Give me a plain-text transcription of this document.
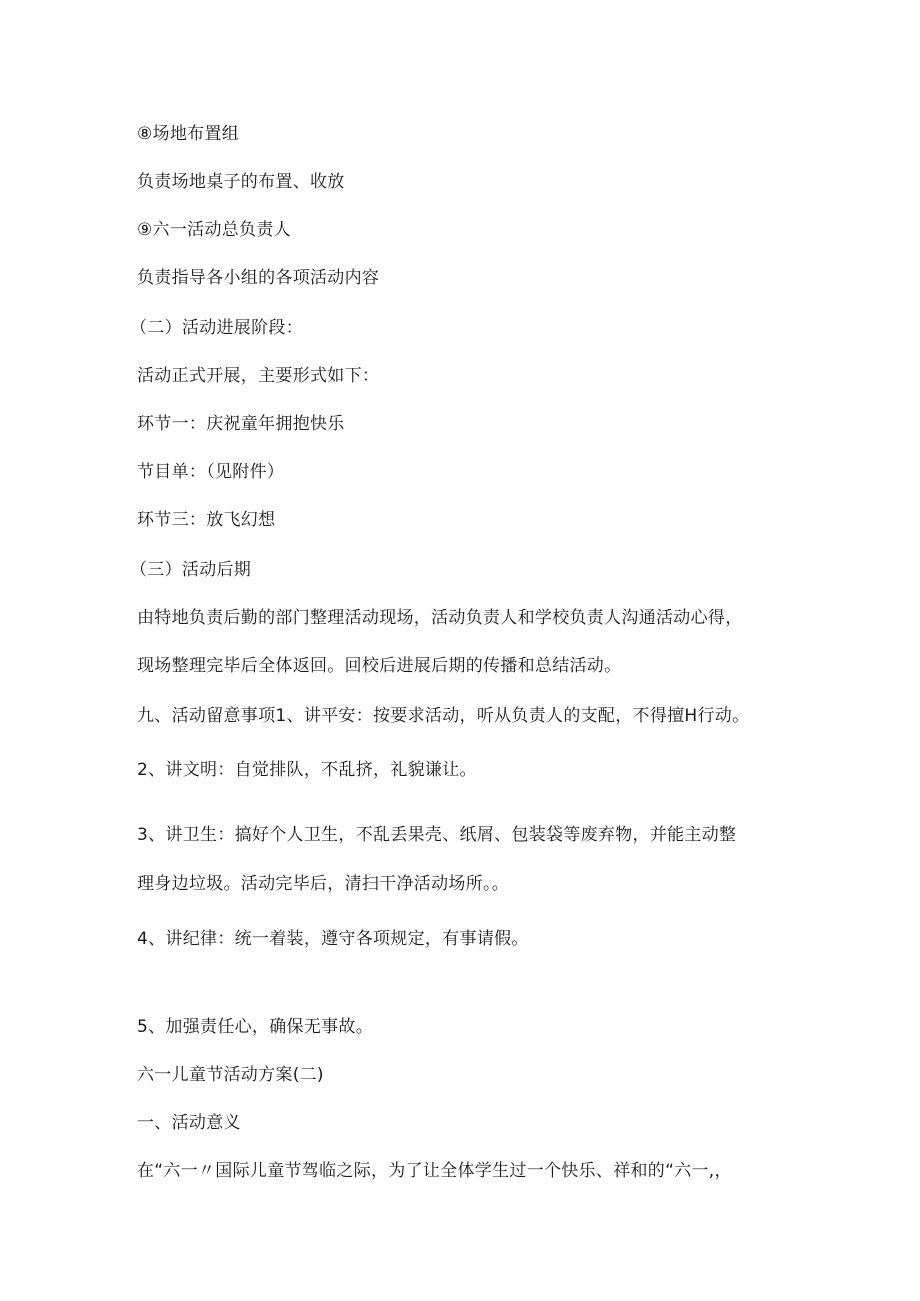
⑧场地布置组
负责场地桌子的布置、收放
⑨六一活动总负责人
负责指导各小组的各项活动内容
（二）活动进展阶段：
活动正式开展，主要形式如下：
环节一：庆祝童年拥抱快乐
节目单：（见附件）
环节三：放飞幻想
（三）活动后期
由特地负责后勤的部门整理活动现场，活动负责人和学校负责人沟通活动心得，
现场整理完毕后全体返回。回校后进展后期的传播和总结活动。
九、活动留意事项1、讲平安：按要求活动，听从负责人的支配，不得擅H行动。
2、讲文明：自觉排队，不乱挤，礼貌谦让。
3、讲卫生：搞好个人卫生，不乱丢果壳、纸屑、包装袋等废弃物，并能主动整
理身边垃圾。活动完毕后，清扫干净活动场所。。
4、讲纪律：统一着装，遵守各项规定，有事请假。
5、加强责任心，确保无事故。
六一儿童节活动方案(二)
一、活动意义
在“六一〃国际儿童节驾临之际，为了让全体学生过一个快乐、祥和的“六一,，
